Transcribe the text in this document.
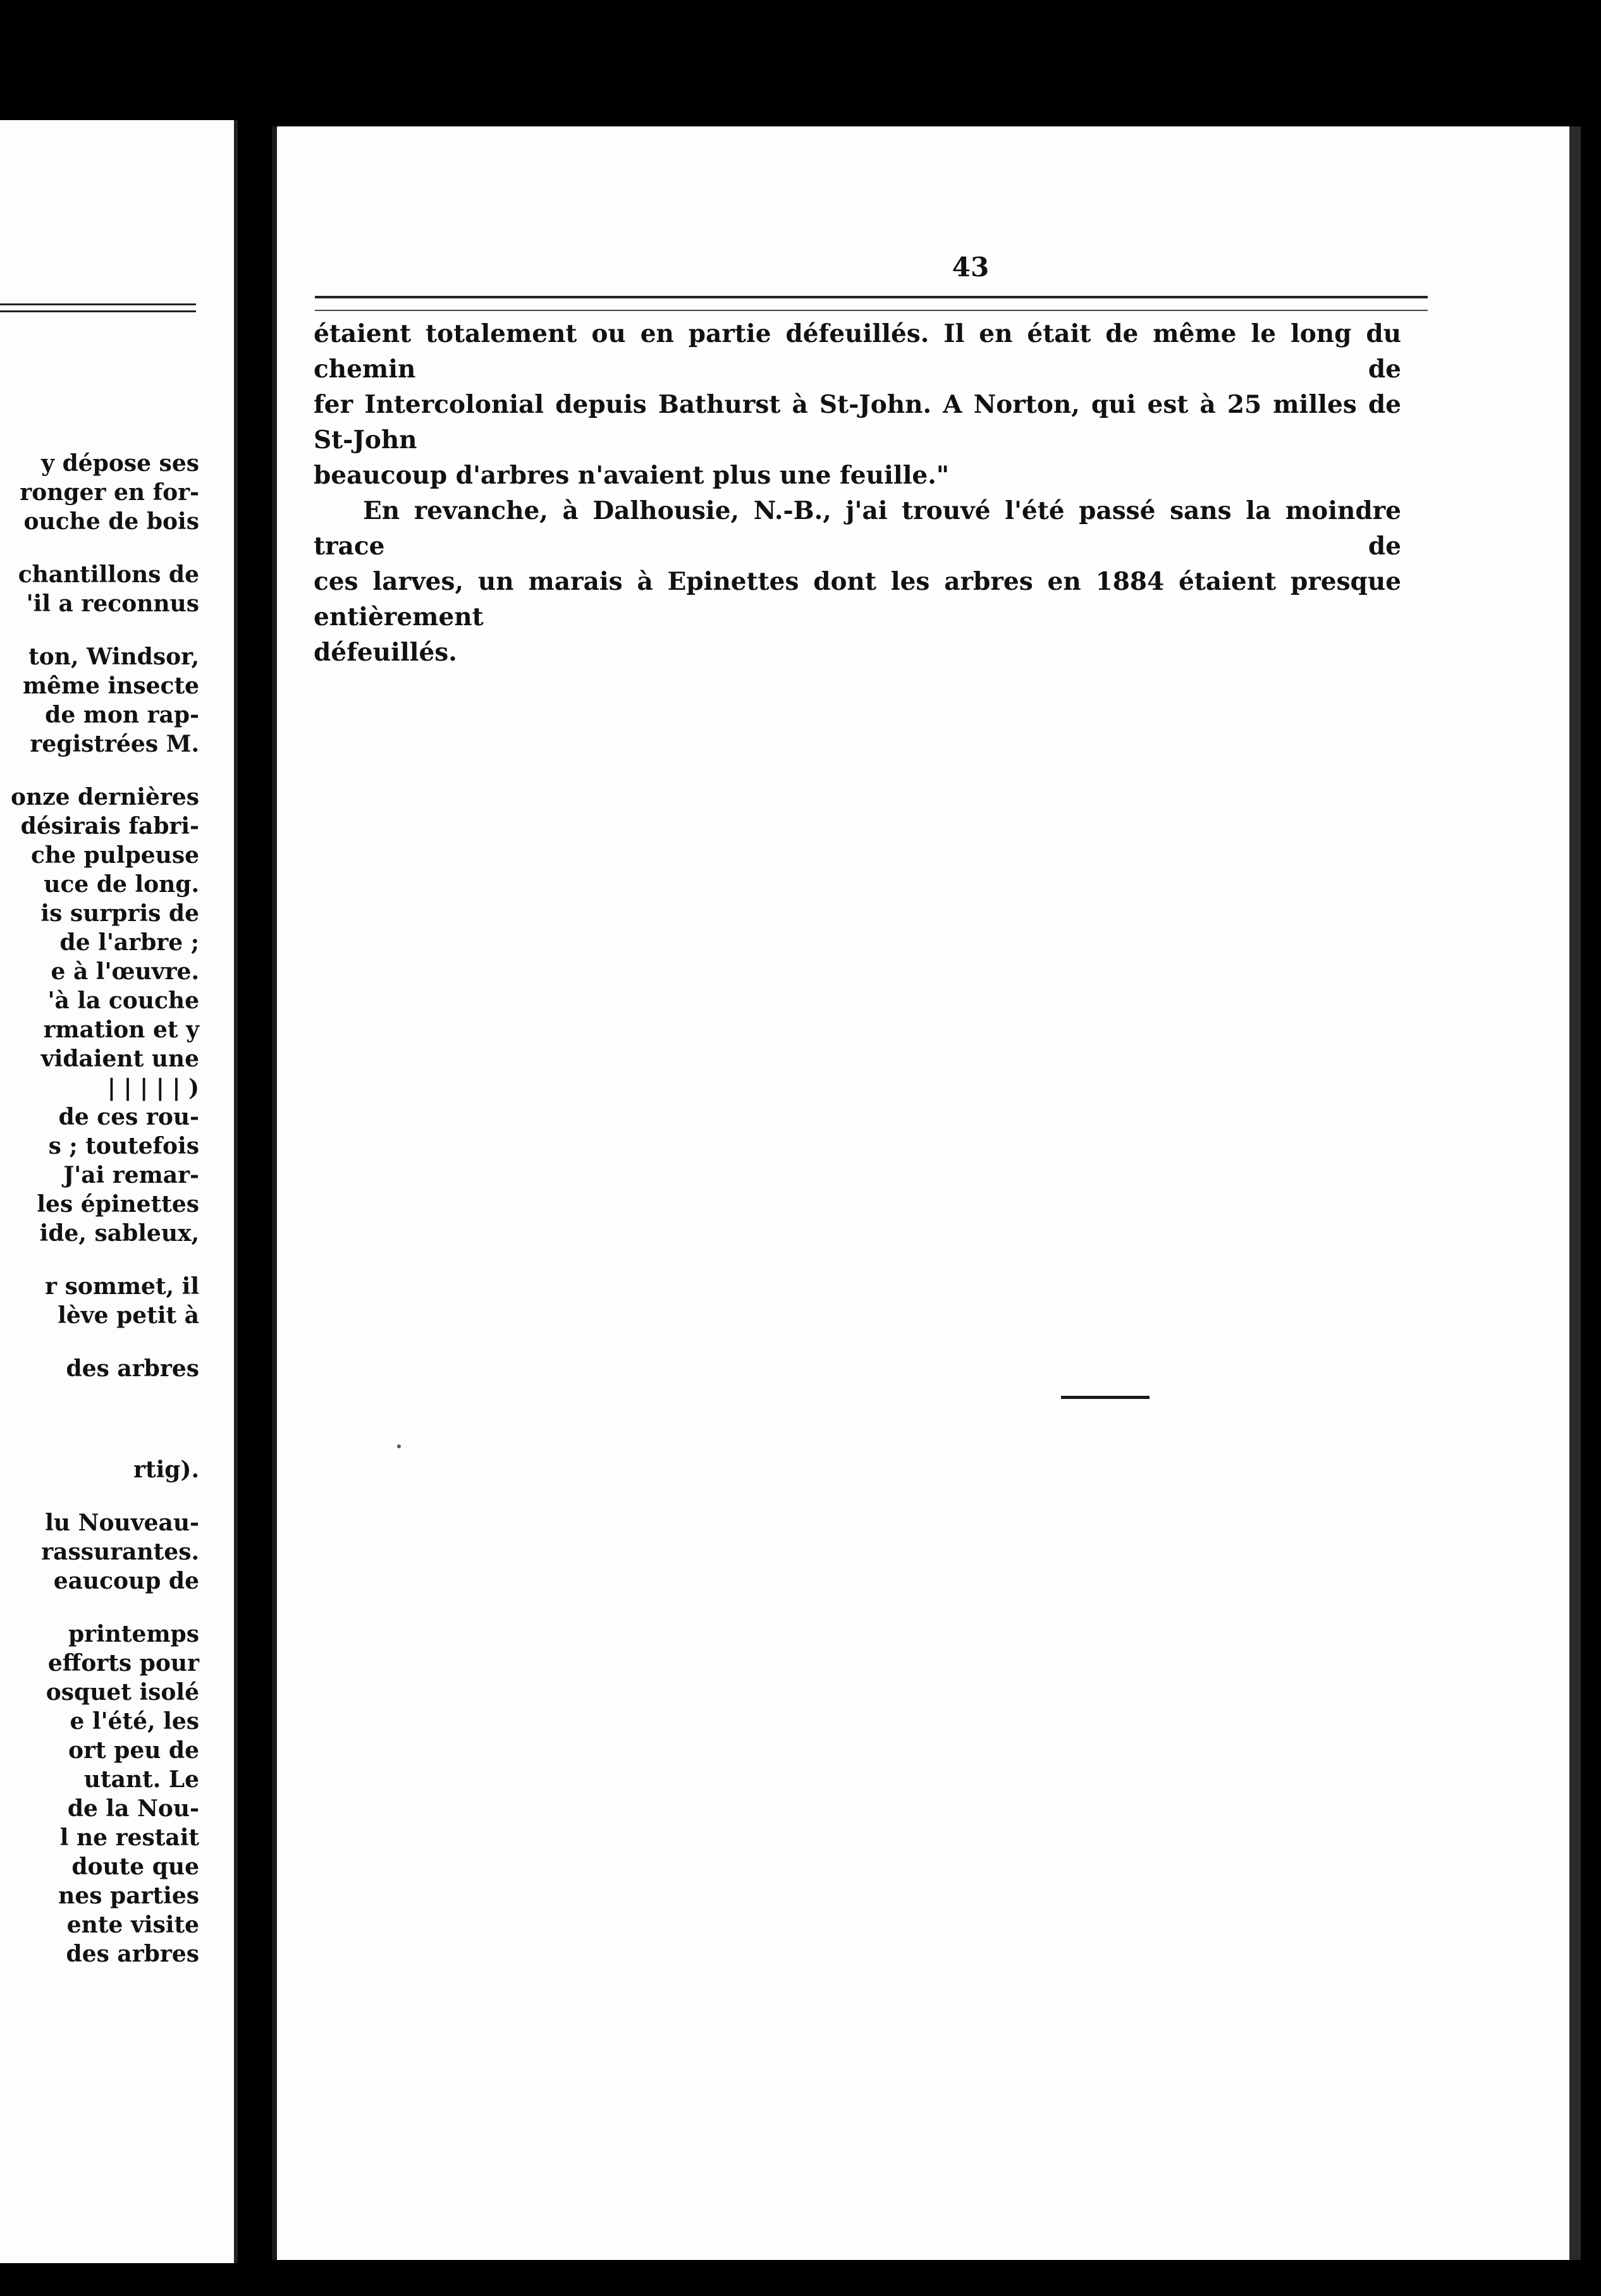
y dépose ses
ronger en for-
ouche de bois
chantillons de
'il a reconnus
ton, Windsor,
même insecte
de mon rap-
registrées M.
onze dernières
désirais fabri-
che pulpeuse
uce de long.
is surpris de
de l'arbre ;
e à l'œuvre.
'à la couche
rmation et y
vidaient une
| | | | | )
de ces rou-
s ; toutefois
J'ai remar-
les épinettes
ide, sableux,
r sommet, il
lève petit à
des arbres
rtig).
lu Nouveau-
rassurantes.
eaucoup de
printemps
efforts pour
osquet isolé
e l'été, les
ort peu de
utant. Le
de la Nou-
l ne restait
doute que
nes parties
ente visite
des arbres
43

étaient totalement ou en partie défeuillés. Il en était de même le long du chemin de
fer Intercolonial depuis Bathurst à St-John. A Norton, qui est à 25 milles de St-John
beaucoup d'arbres n'avaient plus une feuille."

En revanche, à Dalhousie, N.-B., j'ai trouvé l'été passé sans la moindre trace de
ces larves, un marais à Epinettes dont les arbres en 1884 étaient presque entièrement
défeuillés.
